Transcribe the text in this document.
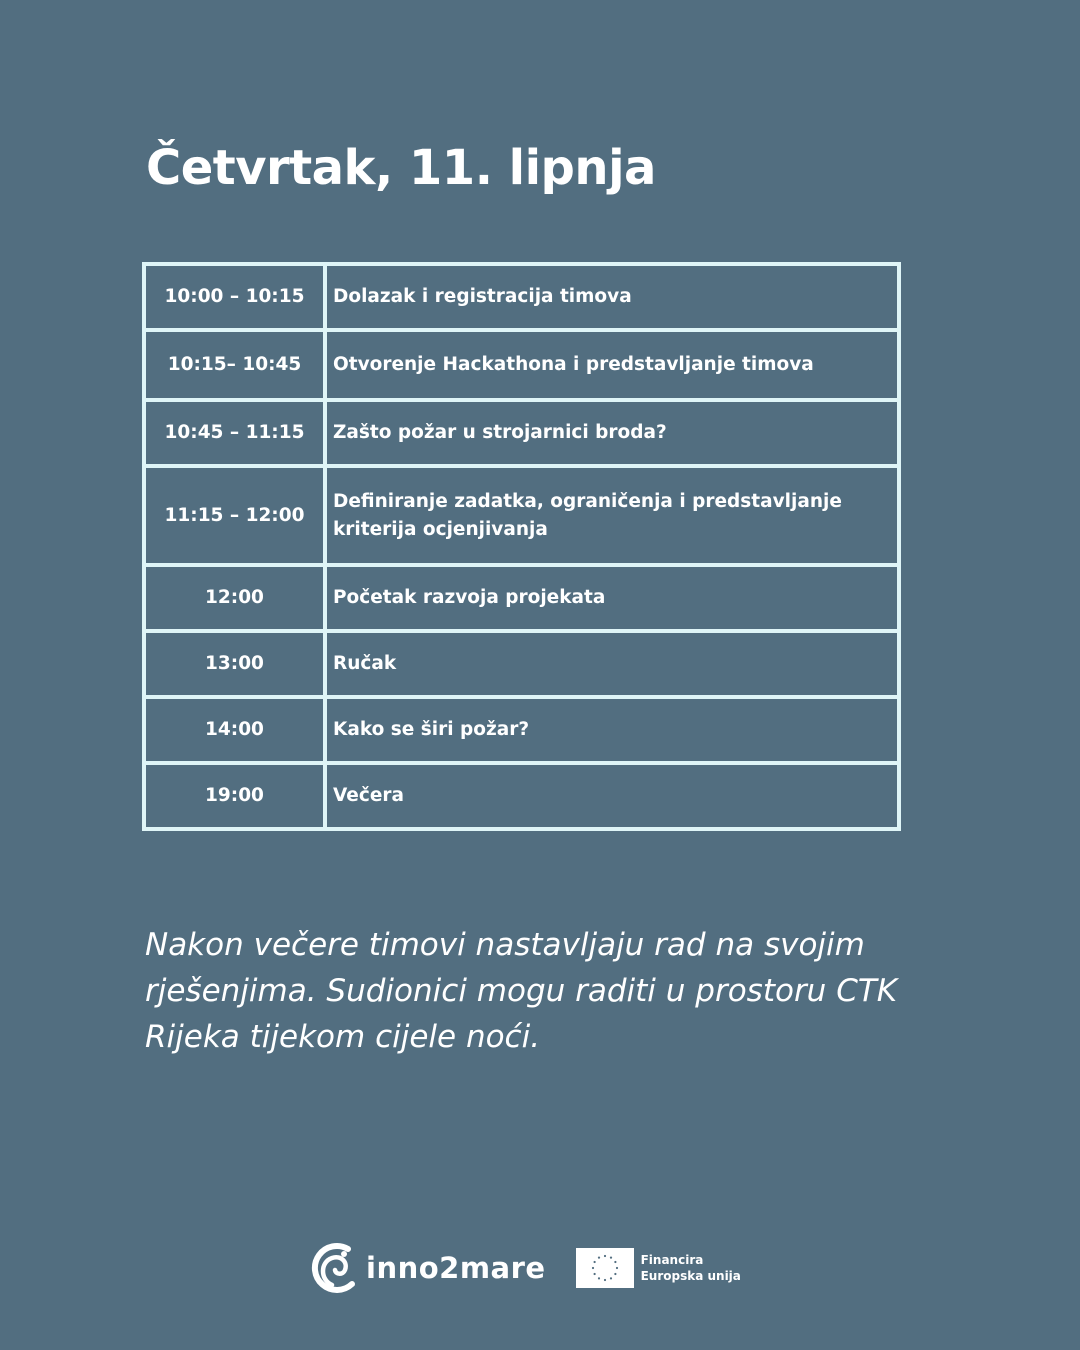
Četvrtak, 11. lipnja
10:00 – 10:15	Dolazak i registracija timova
10:15– 10:45	Otvorenje Hackathona i predstavljanje timova
10:45 – 11:15	Zašto požar u strojarnici broda?
11:15 – 12:00	Definiranje zadatka, ograničenja i predstavljanje kriterija ocjenjivanja
12:00	Početak razvoja projekata
13:00	Ručak
14:00	Kako se širi požar?
19:00	Večera

Nakon večere timovi nastavljaju rad na svojim rješenjima. Sudionici mogu raditi u prostoru CTK Rijeka tijekom cijele noći.

inno2mare	Financira
Europska unija
